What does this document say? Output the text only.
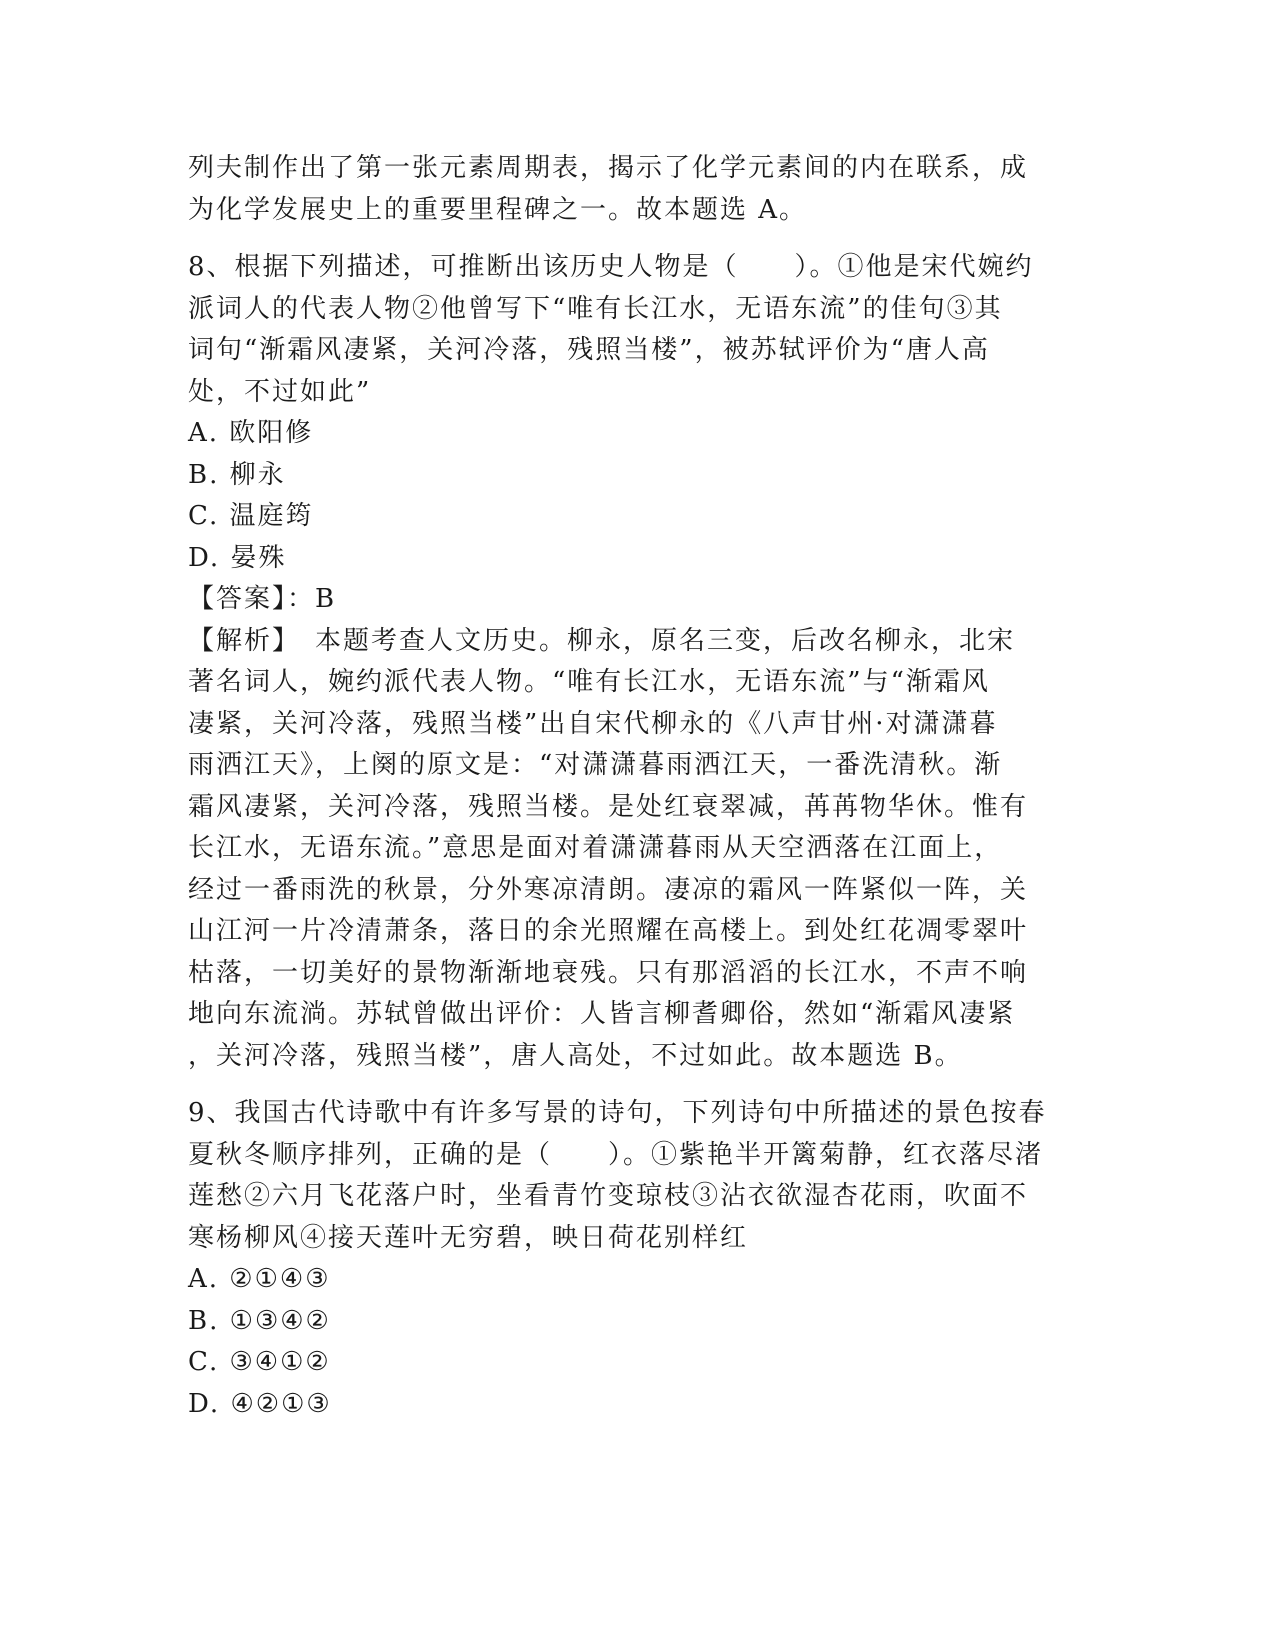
列夫制作出了第一张元素周期表，揭示了化学元素间的内在联系，成
为化学发展史上的重要里程碑之一。故本题选 A。
8、根据下列描述，可推断出该历史人物是（　　）。①他是宋代婉约
派词人的代表人物②他曾写下“唯有长江水，无语东流”的佳句③其
词句“渐霜风凄紧，关河冷落，残照当楼”，被苏轼评价为“唐人高
处，不过如此”
A. 欧阳修
B. 柳永
C. 温庭筠
D. 晏殊
【答案】：B
【解析】　本题考查人文历史。柳永，原名三变，后改名柳永，北宋
著名词人，婉约派代表人物。“唯有长江水，无语东流”与“渐霜风
凄紧，关河冷落，残照当楼”出自宋代柳永的《八声甘州·对潇潇暮
雨洒江天》，上阕的原文是：“对潇潇暮雨洒江天，一番洗清秋。渐
霜风凄紧，关河冷落，残照当楼。是处红衰翠减，苒苒物华休。惟有
长江水，无语东流。”意思是面对着潇潇暮雨从天空洒落在江面上，
经过一番雨洗的秋景，分外寒凉清朗。凄凉的霜风一阵紧似一阵，关
山江河一片冷清萧条，落日的余光照耀在高楼上。到处红花凋零翠叶
枯落，一切美好的景物渐渐地衰残。只有那滔滔的长江水，不声不响
地向东流淌。苏轼曾做出评价：人皆言柳耆卿俗，然如“渐霜风凄紧
，关河冷落，残照当楼”，唐人高处，不过如此。故本题选 B。
9、我国古代诗歌中有许多写景的诗句，下列诗句中所描述的景色按春
夏秋冬顺序排列，正确的是（　　）。①紫艳半开篱菊静，红衣落尽渚
莲愁②六月飞花落户时，坐看青竹变琼枝③沾衣欲湿杏花雨，吹面不
寒杨柳风④接天莲叶无穷碧，映日荷花别样红
A. ②①④③
B. ①③④②
C. ③④①②
D. ④②①③
